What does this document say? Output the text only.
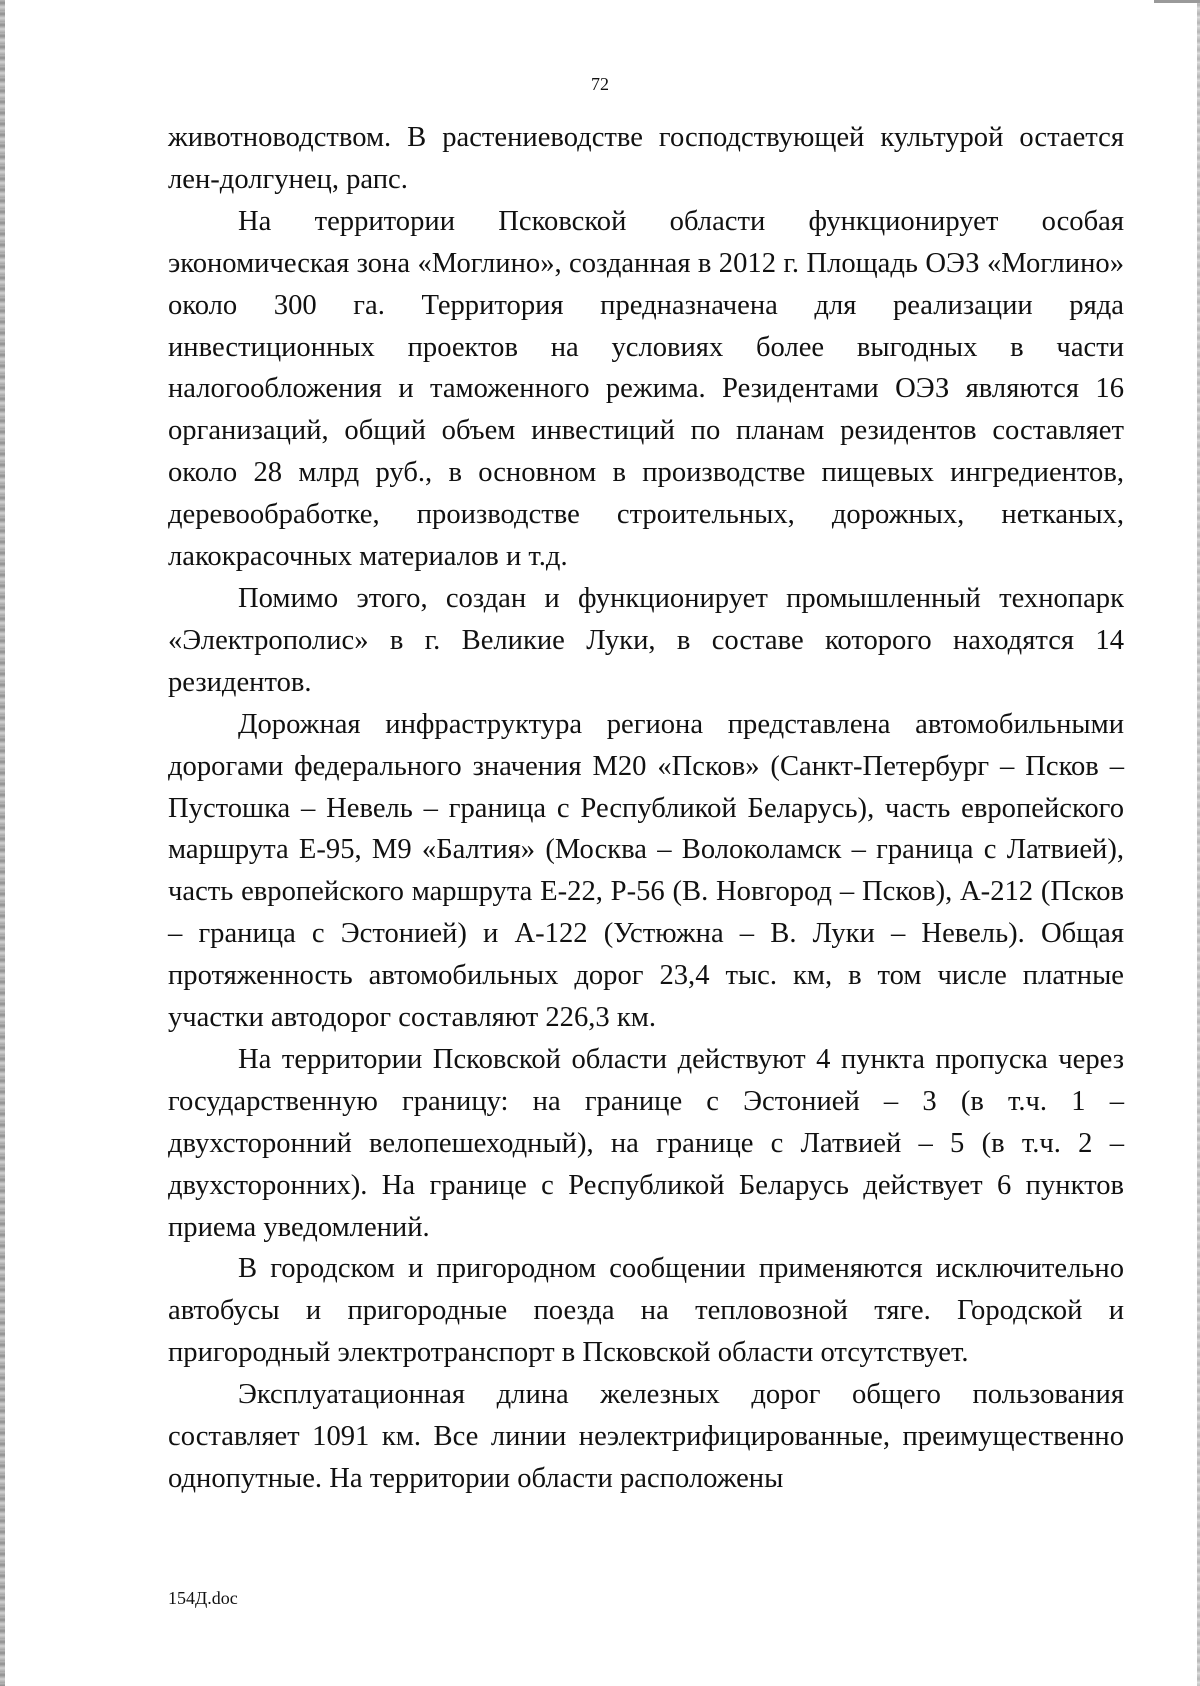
72

животноводством. В растениеводстве господствующей культурой остается лен-долгунец, рапс.

На территории Псковской области функционирует особая экономическая зона «Моглино», созданная в 2012 г. Площадь ОЭЗ «Моглино» около 300 га. Территория предназначена для реализации ряда инвестиционных проектов на условиях более выгодных в части налогообложения и таможенного режима. Резидентами ОЭЗ являются 16 организаций, общий объем инвестиций по планам резидентов составляет около 28 млрд руб., в основном в производстве пищевых ингредиентов, деревообработке, производстве строительных, дорожных, нетканых, лакокрасочных материалов и т.д.

Помимо этого, создан и функционирует промышленный технопарк «Электрополис» в г. Великие Луки, в составе которого находятся 14 резидентов.

Дорожная инфраструктура региона представлена автомобильными дорогами федерального значения М20 «Псков» (Санкт-Петербург – Псков – Пустошка – Невель – граница с Республикой Беларусь), часть европейского маршрута Е-95, М9 «Балтия» (Москва – Волоколамск – граница с Латвией), часть европейского маршрута Е-22, Р-56 (В. Новгород – Псков), А-212 (Псков – граница с Эстонией) и А-122 (Устюжна – В. Луки – Невель). Общая протяженность автомобильных дорог 23,4 тыс. км, в том числе платные участки автодорог составляют 226,3 км.

На территории Псковской области действуют 4 пункта пропуска через государственную границу: на границе с Эстонией – 3 (в т.ч. 1 – двухсторонний велопешеходный), на границе с Латвией – 5 (в т.ч. 2 – двухсторонних). На границе с Республикой Беларусь действует 6 пунктов приема уведомлений.

В городском и пригородном сообщении применяются исключительно автобусы и пригородные поезда на тепловозной тяге. Городской и пригородный электротранспорт в Псковской области отсутствует.

Эксплуатационная длина железных дорог общего пользования составляет 1091 км. Все линии неэлектрифицированные, преимущественно однопутные. На территории области расположены

154Д.doc
